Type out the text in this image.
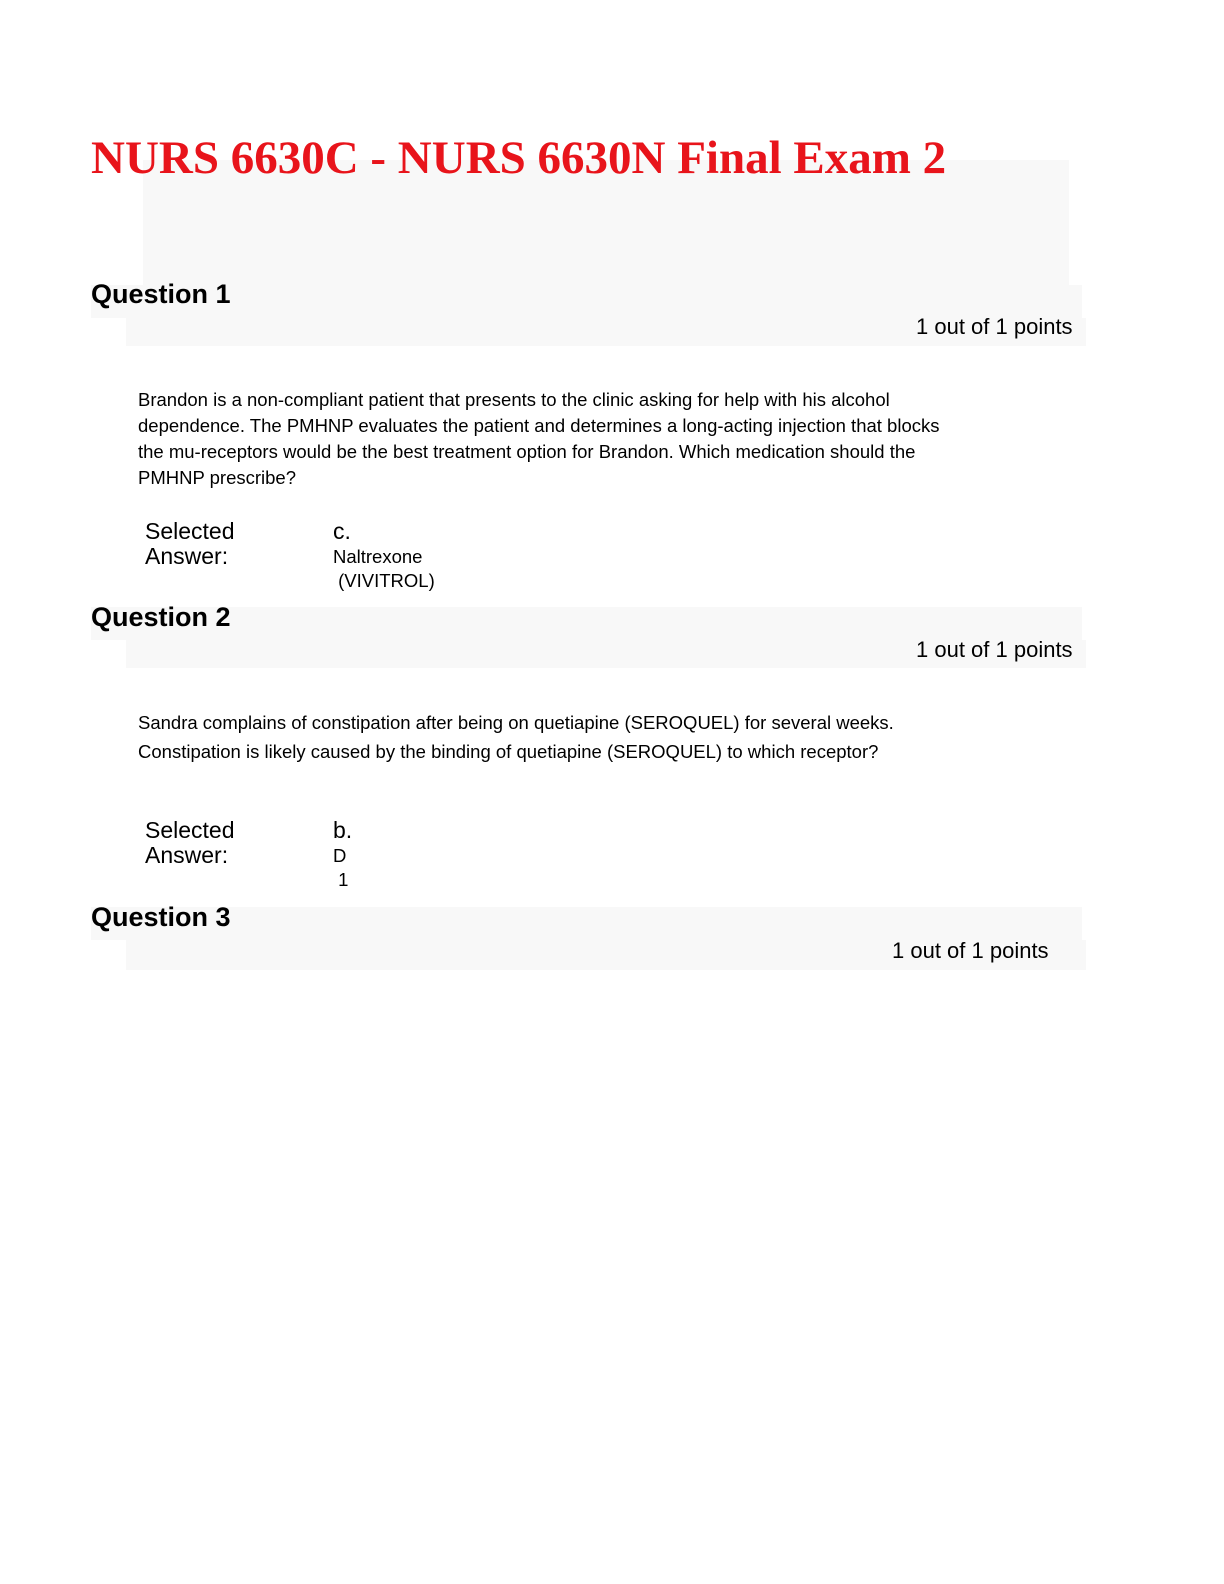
NURS 6630C - NURS 6630N Final Exam 2
Question 1
1 out of 1 points
Brandon is a non-compliant patient that presents to the clinic asking for help with his alcohol
dependence. The PMHNP evaluates the patient and determines a long-acting injection that blocks
the mu-receptors would be the best treatment option for Brandon. Which medication should the
PMHNP prescribe?
Selected
Answer:
c.
Naltrexone
(VIVITROL)
Question 2
1 out of 1 points
Sandra complains of constipation after being on quetiapine (SEROQUEL) for several weeks.
Constipation is likely caused by the binding of quetiapine (SEROQUEL) to which receptor?
Selected
Answer:
b.
D
1
Question 3
1 out of 1 points
